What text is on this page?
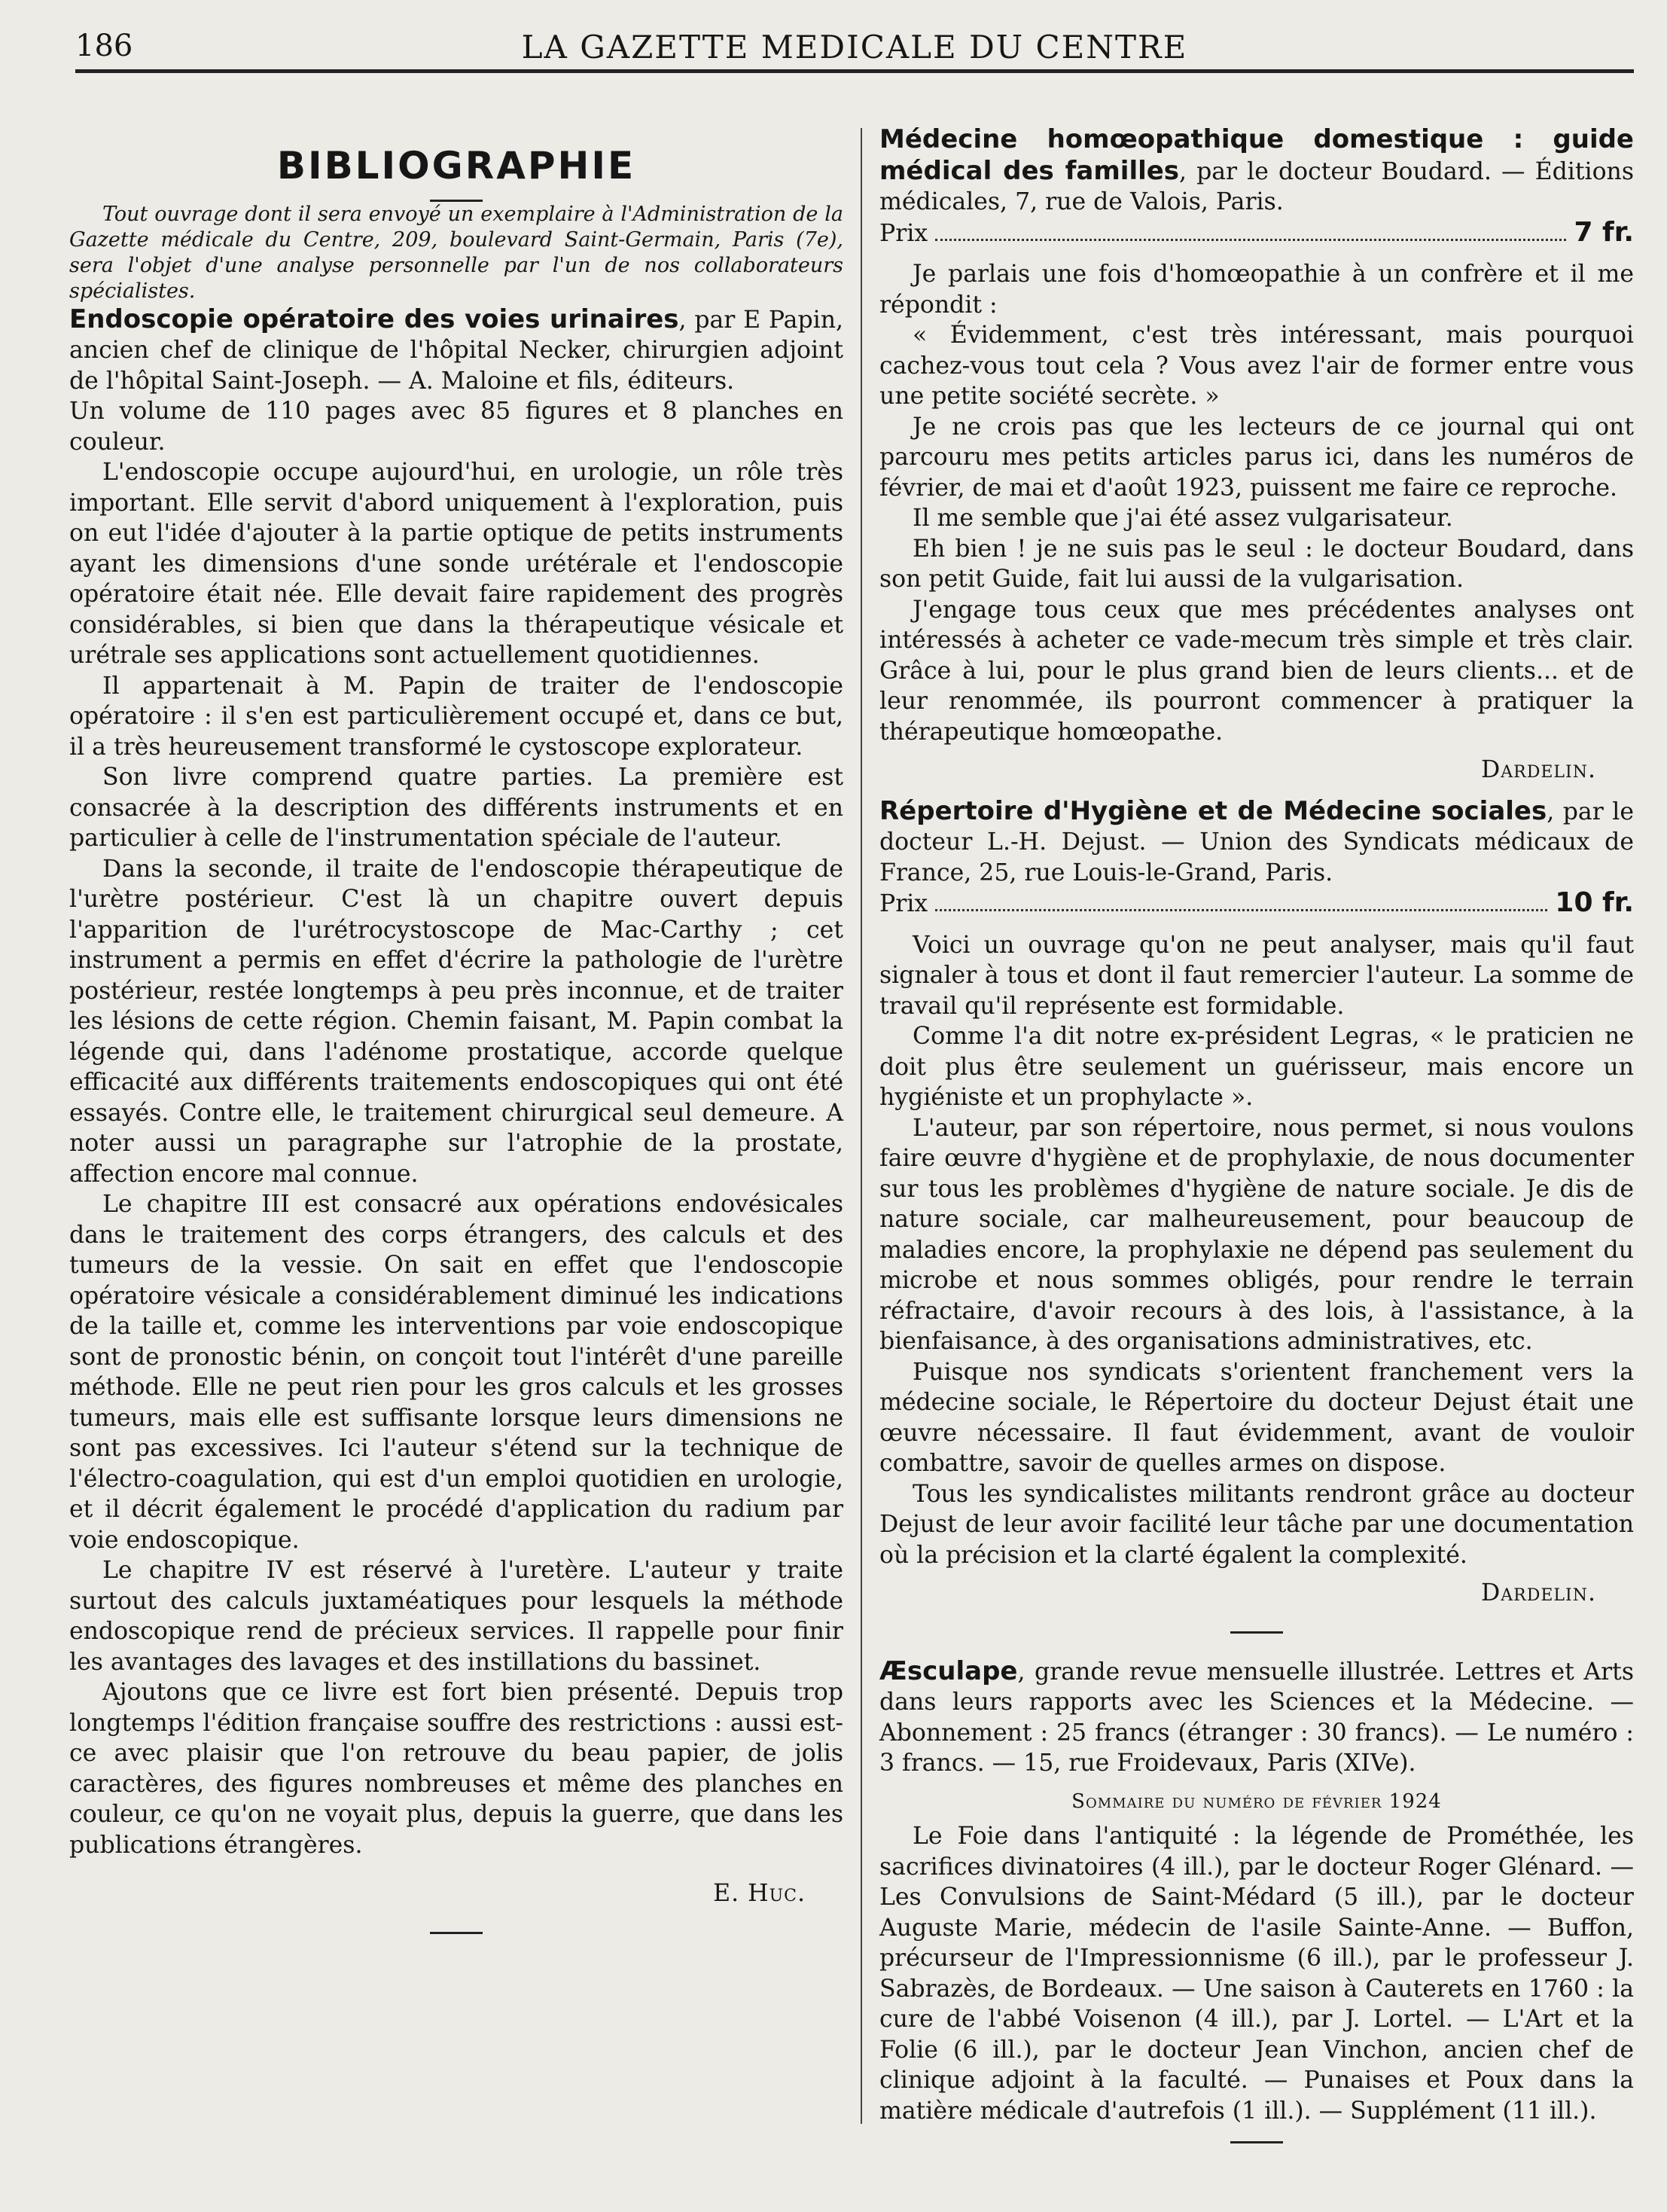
186	LA GAZETTE MEDICALE DU CENTRE
BIBLIOGRAPHIE

Tout ouvrage dont il sera envoyé un exemplaire à l'Administration de la Gazette médicale du Centre, 209, boulevard Saint-Germain, Paris (7e), sera l'objet d'une analyse personnelle par l'un de nos collaborateurs spécialistes.

Endoscopie opératoire des voies urinaires, par E Papin, ancien chef de clinique de l'hôpital Necker, chirurgien adjoint de l'hôpital Saint-Joseph. — A. Maloine et fils, éditeurs.

Un volume de 110 pages avec 85 figures et 8 planches en couleur.

L'endoscopie occupe aujourd'hui, en urologie, un rôle très important. Elle servit d'abord uniquement à l'exploration, puis on eut l'idée d'ajouter à la partie optique de petits instruments ayant les dimensions d'une sonde urétérale et l'endoscopie opératoire était née. Elle devait faire rapidement des progrès considérables, si bien que dans la thérapeutique vésicale et urétrale ses applications sont actuellement quotidiennes.

Il appartenait à M. Papin de traiter de l'endoscopie opératoire : il s'en est particulièrement occupé et, dans ce but, il a très heureusement transformé le cystoscope explorateur.

Son livre comprend quatre parties. La première est consacrée à la description des différents instruments et en particulier à celle de l'instrumentation spéciale de l'auteur.

Dans la seconde, il traite de l'endoscopie thérapeutique de l'urètre postérieur. C'est là un chapitre ouvert depuis l'apparition de l'urétrocystoscope de Mac-Carthy ; cet instrument a permis en effet d'écrire la pathologie de l'urètre postérieur, restée longtemps à peu près inconnue, et de traiter les lésions de cette région. Chemin faisant, M. Papin combat la légende qui, dans l'adénome prostatique, accorde quelque efficacité aux différents traitements endoscopiques qui ont été essayés. Contre elle, le traitement chirurgical seul demeure. A noter aussi un paragraphe sur l'atrophie de la prostate, affection encore mal connue.

Le chapitre III est consacré aux opérations endovésicales dans le traitement des corps étrangers, des calculs et des tumeurs de la vessie. On sait en effet que l'endoscopie opératoire vésicale a considérablement diminué les indications de la taille et, comme les interventions par voie endoscopique sont de pronostic bénin, on conçoit tout l'intérêt d'une pareille méthode. Elle ne peut rien pour les gros calculs et les grosses tumeurs, mais elle est suffisante lorsque leurs dimensions ne sont pas excessives. Ici l'auteur s'étend sur la technique de l'électro-coagulation, qui est d'un emploi quotidien en urologie, et il décrit également le procédé d'application du radium par voie endoscopique.

Le chapitre IV est réservé à l'uretère. L'auteur y traite surtout des calculs juxtaméatiques pour lesquels la méthode endoscopique rend de précieux services. Il rappelle pour finir les avantages des lavages et des instillations du bassinet.

Ajoutons que ce livre est fort bien présenté. Depuis trop longtemps l'édition française souffre des restrictions : aussi est-ce avec plaisir que l'on retrouve du beau papier, de jolis caractères, des figures nombreuses et même des planches en couleur, ce qu'on ne voyait plus, depuis la guerre, que dans les publications étrangères.

E. Huc.

Médecine homœopathique domestique : guide médical des familles, par le docteur Boudard. — Éditions médicales, 7, rue de Valois, Paris.

Prix	7 fr.

Je parlais une fois d'homœopathie à un confrère et il me répondit :

« Évidemment, c'est très intéressant, mais pourquoi cachez-vous tout cela ? Vous avez l'air de former entre vous une petite société secrète. »

Je ne crois pas que les lecteurs de ce journal qui ont parcouru mes petits articles parus ici, dans les numéros de février, de mai et d'août 1923, puissent me faire ce reproche.

Il me semble que j'ai été assez vulgarisateur.

Eh bien ! je ne suis pas le seul : le docteur Boudard, dans son petit Guide, fait lui aussi de la vulgarisation.

J'engage tous ceux que mes précédentes analyses ont intéressés à acheter ce vade-mecum très simple et très clair. Grâce à lui, pour le plus grand bien de leurs clients... et de leur renommée, ils pourront commencer à pratiquer la thérapeutique homœopathe.

Dardelin.

Répertoire d'Hygiène et de Médecine sociales, par le docteur L.-H. Dejust. — Union des Syndicats médicaux de France, 25, rue Louis-le-Grand, Paris.

Prix	10 fr.

Voici un ouvrage qu'on ne peut analyser, mais qu'il faut signaler à tous et dont il faut remercier l'auteur. La somme de travail qu'il représente est formidable.

Comme l'a dit notre ex-président Legras, « le praticien ne doit plus être seulement un guérisseur, mais encore un hygiéniste et un prophylacte ».

L'auteur, par son répertoire, nous permet, si nous voulons faire œuvre d'hygiène et de prophylaxie, de nous documenter sur tous les problèmes d'hygiène de nature sociale. Je dis de nature sociale, car malheureusement, pour beaucoup de maladies encore, la prophylaxie ne dépend pas seulement du microbe et nous sommes obligés, pour rendre le terrain réfractaire, d'avoir recours à des lois, à l'assistance, à la bienfaisance, à des organisations administratives, etc.

Puisque nos syndicats s'orientent franchement vers la médecine sociale, le Répertoire du docteur Dejust était une œuvre nécessaire. Il faut évidemment, avant de vouloir combattre, savoir de quelles armes on dispose.

Tous les syndicalistes militants rendront grâce au docteur Dejust de leur avoir facilité leur tâche par une documentation où la précision et la clarté égalent la complexité.

Dardelin.

Æsculape, grande revue mensuelle illustrée. Lettres et Arts dans leurs rapports avec les Sciences et la Médecine. — Abonnement : 25 francs (étranger : 30 francs). — Le numéro : 3 francs. — 15, rue Froidevaux, Paris (XIVe).

Sommaire du numéro de février 1924

Le Foie dans l'antiquité : la légende de Prométhée, les sacrifices divinatoires (4 ill.), par le docteur Roger Glénard. — Les Convulsions de Saint-Médard (5 ill.), par le docteur Auguste Marie, médecin de l'asile Sainte-Anne. — Buffon, précurseur de l'Impressionnisme (6 ill.), par le professeur J. Sabrazès, de Bordeaux. — Une saison à Cauterets en 1760 : la cure de l'abbé Voisenon (4 ill.), par J. Lortel. — L'Art et la Folie (6 ill.), par le docteur Jean Vinchon, ancien chef de clinique adjoint à la faculté. — Punaises et Poux dans la matière médicale d'autrefois (1 ill.). — Supplément (11 ill.).
